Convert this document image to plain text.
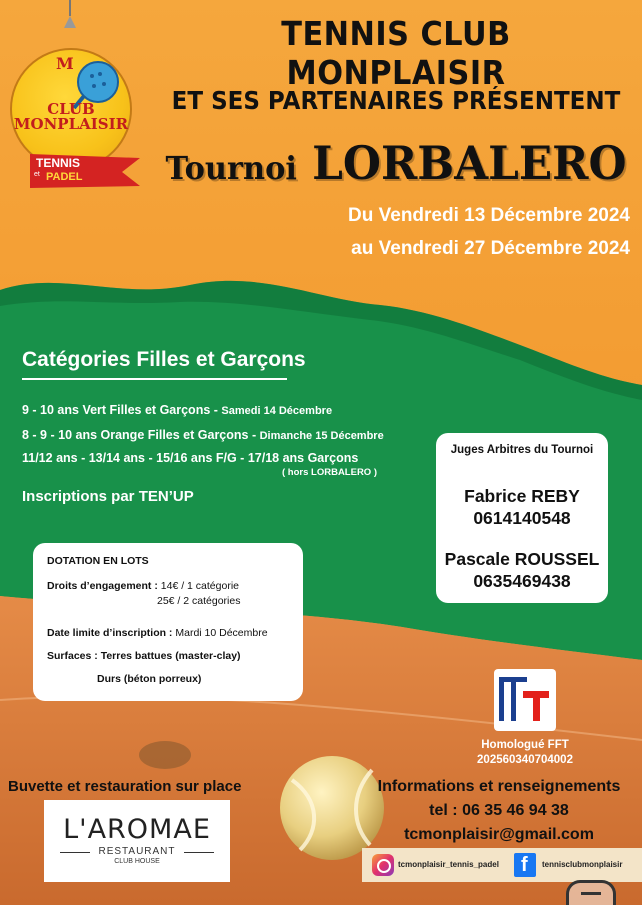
M
CLUB
MONPLAISIR
TENNIS
et PADEL
TENNIS CLUB MONPLAISIR
ET SES PARTENAIRES PRÉSENTENT
Tournoi LORBALERO
Du Vendredi 13 Décembre 2024
au Vendredi 27 Décembre 2024
Catégories Filles et Garçons
9 - 10 ans Vert Filles et Garçons - Samedi 14 Décembre
8 - 9 - 10 ans Orange Filles et Garçons - Dimanche 15 Décembre
11/12 ans - 13/14 ans - 15/16 ans F/G - 17/18 ans Garçons
( hors LORBALERO )
Inscriptions par TEN’UP
DOTATION EN LOTS
Droits d’engagement : 14€ / 1 catégorie
25€ / 2 catégories
Date limite d’inscription : Mardi 10 Décembre
Surfaces : Terres battues (master-clay)
Durs (béton porreux)
Juges Arbitres du Tournoi
Fabrice REBY
0614140548
Pascale ROUSSEL
0635469438
Homologué FFT
202560340704002
Buvette et restauration sur place
L'AROMAE
RESTAURANT
CLUB HOUSE
Informations et renseignements
tel : 06 35 46 94 38
tcmonplaisir@gmail.com
tcmonplaisir_tennis_padel f tennisclubmonplaisir
